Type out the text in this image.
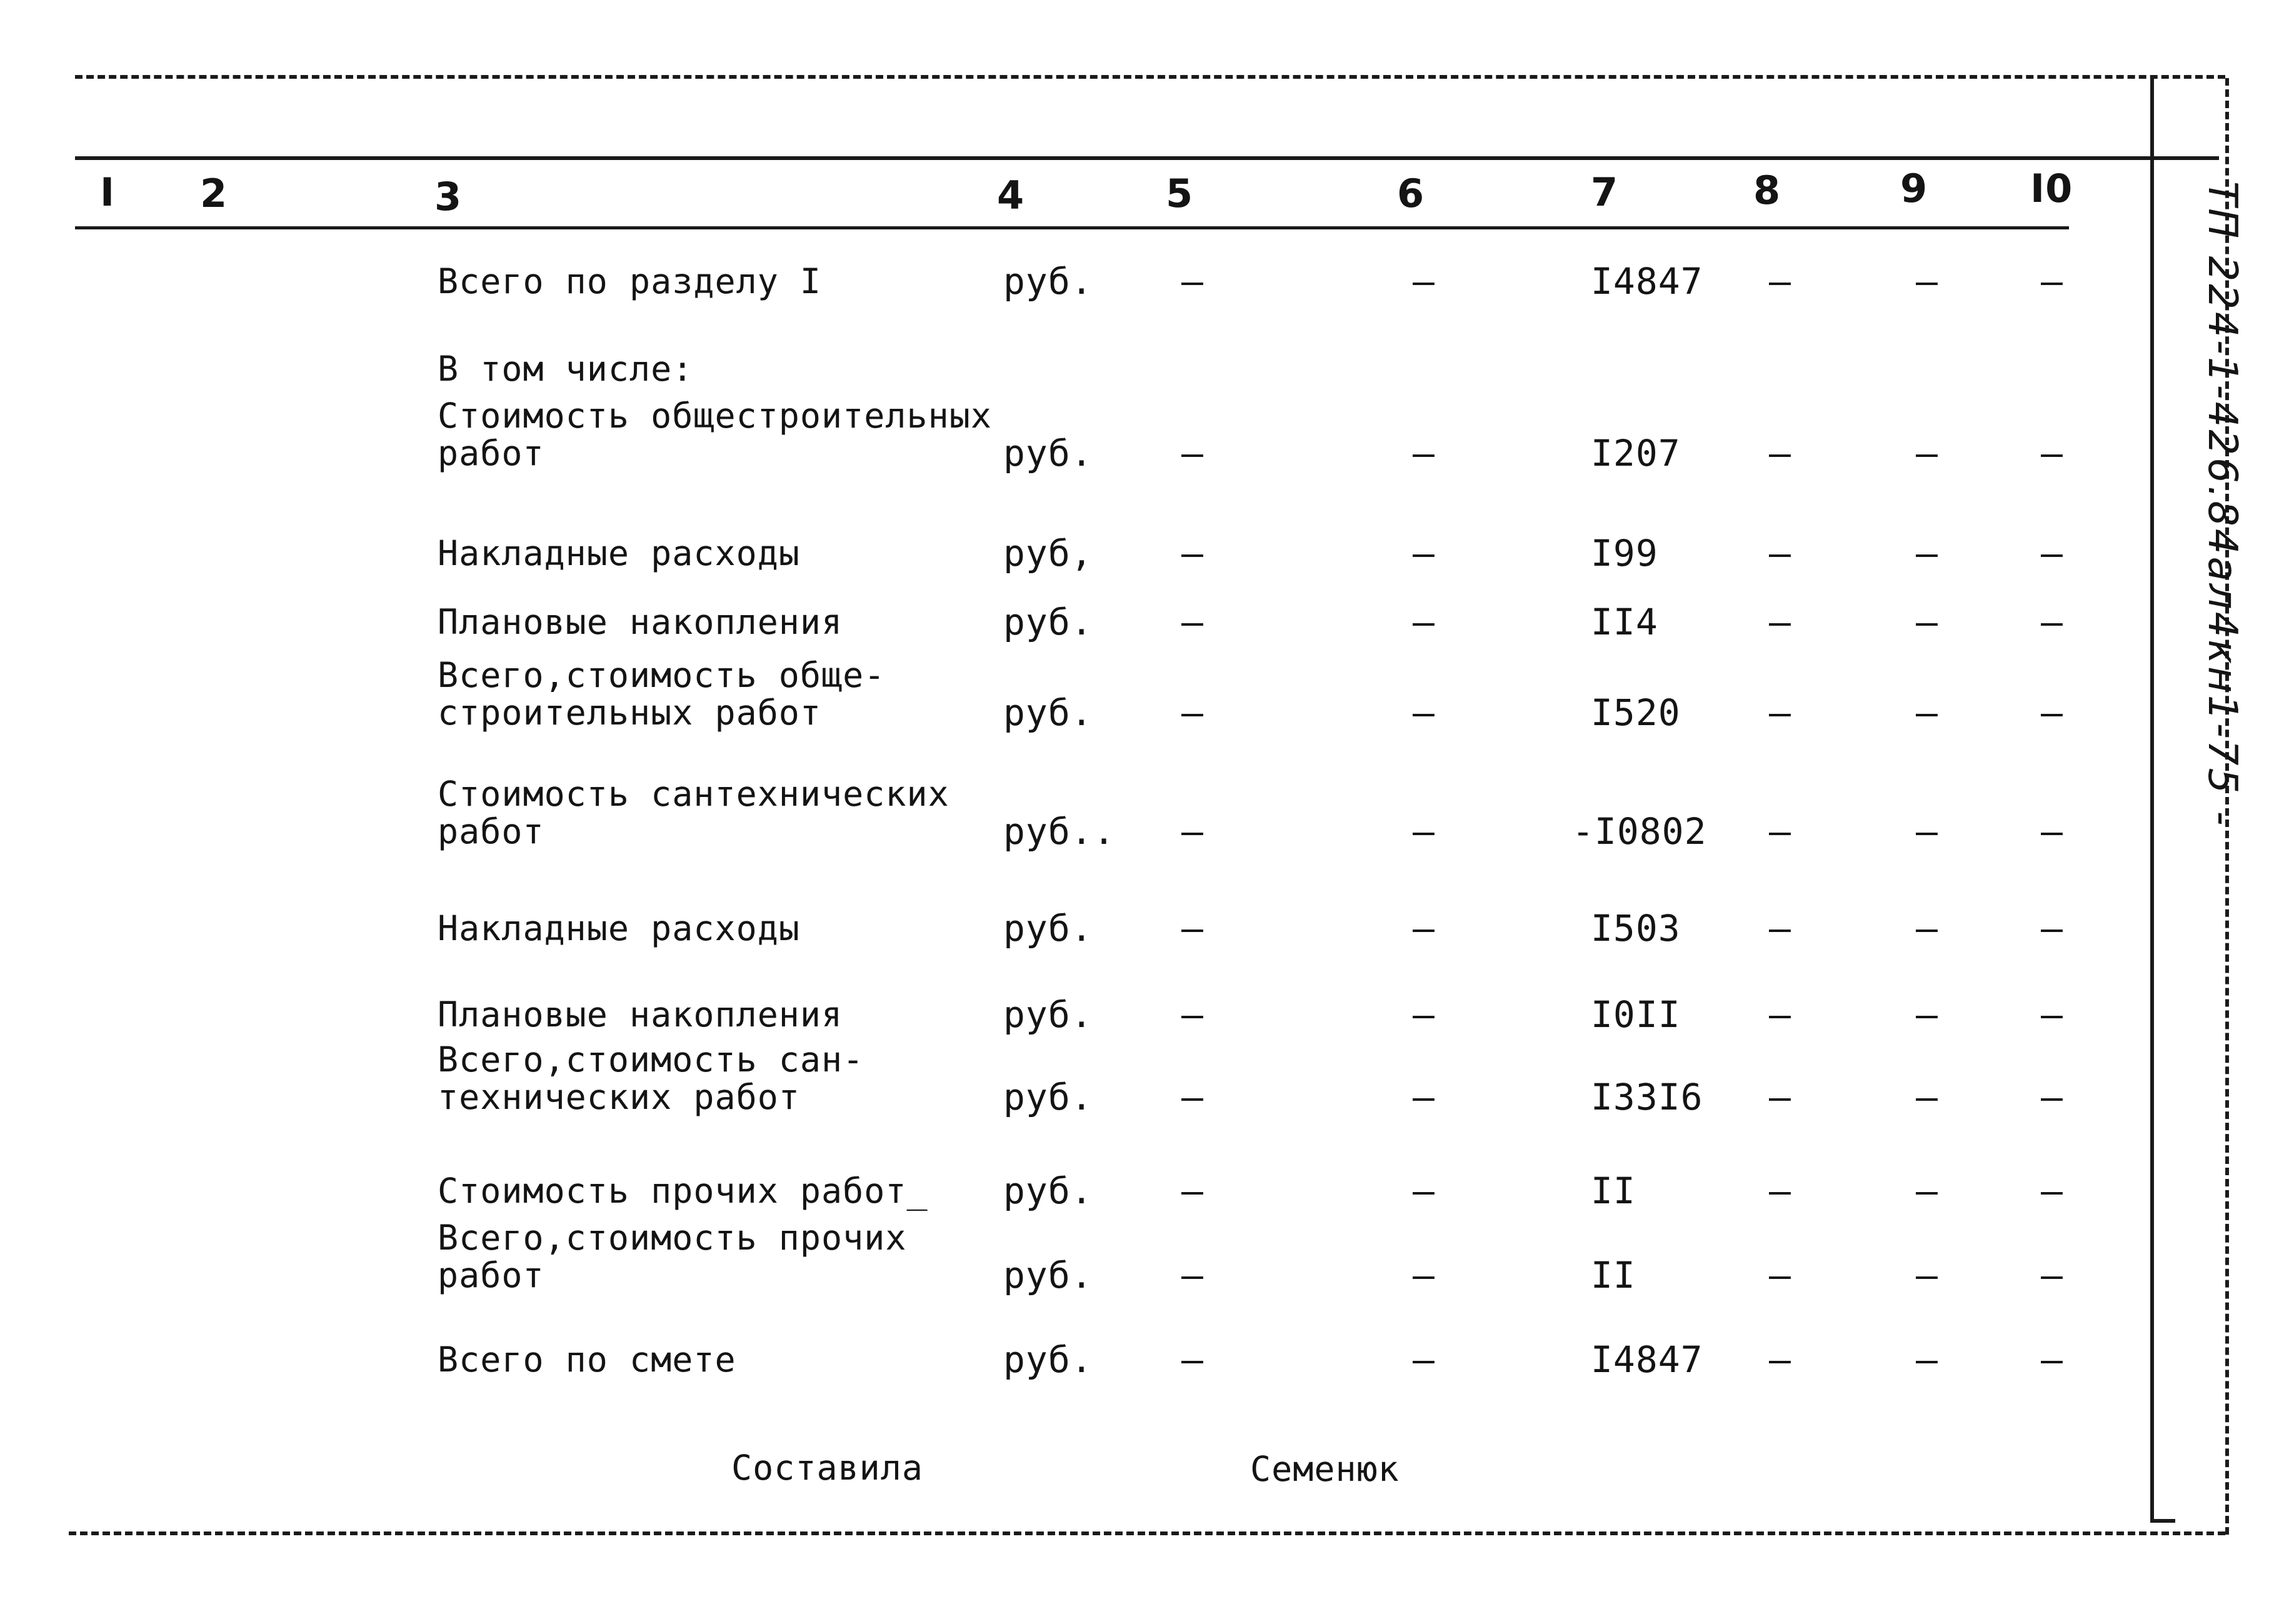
ТП 224-1-426.84ал4кн1-75 -
I 2	3	4	5	6	7	8	9	I0
Всего по разделу I	руб. –	–	I4847 –	–	–
В том числе:
Стоимость общестроительных
работ	руб. –	–	I207 –	–	–
Накладные расходы	руб, –	–	I99	–	–	–
Плановые накопления	руб. –	–	II4	–	–	–
Всего,стоимость обще-
строительных работ	руб. –	–	I520 –	–	–
Стоимость сантехнических
работ	руб.. –	–	-I0802 –	–	–
Накладные расходы	руб. –	–	I503 –	–	–
Плановые накопления	руб. –	–	I0II –	–	–
Всего,стоимость сан-
технических работ	руб. –	–	I33I6 –	–	–
Стоимость прочих работ_ руб. –	–	II	–	–	–
Всего,стоимость прочих
работ	руб. –	–	II	–	–	–
Всего по смете	руб. –	–	I4847 –	–	–
Составила	Семенюк
